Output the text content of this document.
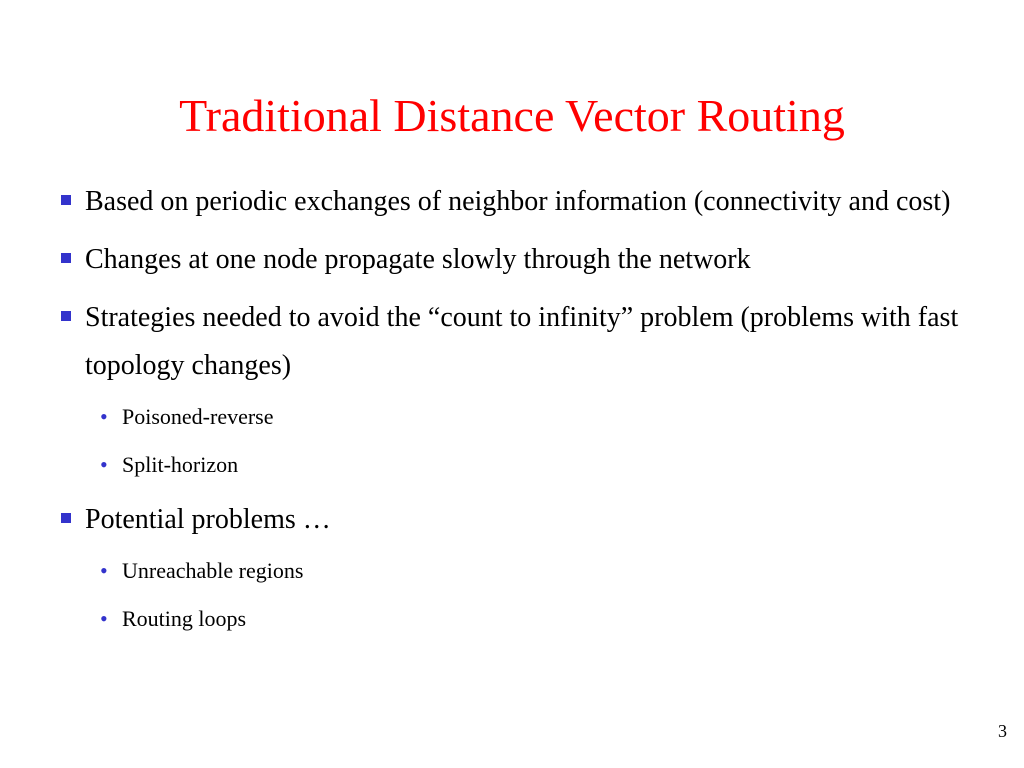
Traditional Distance Vector Routing
Based on periodic exchanges of neighbor information (connectivity and cost)
Changes at one node propagate slowly through the network
Strategies needed to avoid the “count to infinity” problem (problems with fast topology changes)
• Poisoned-reverse
• Split-horizon
Potential problems …
• Unreachable regions
• Routing loops
3
